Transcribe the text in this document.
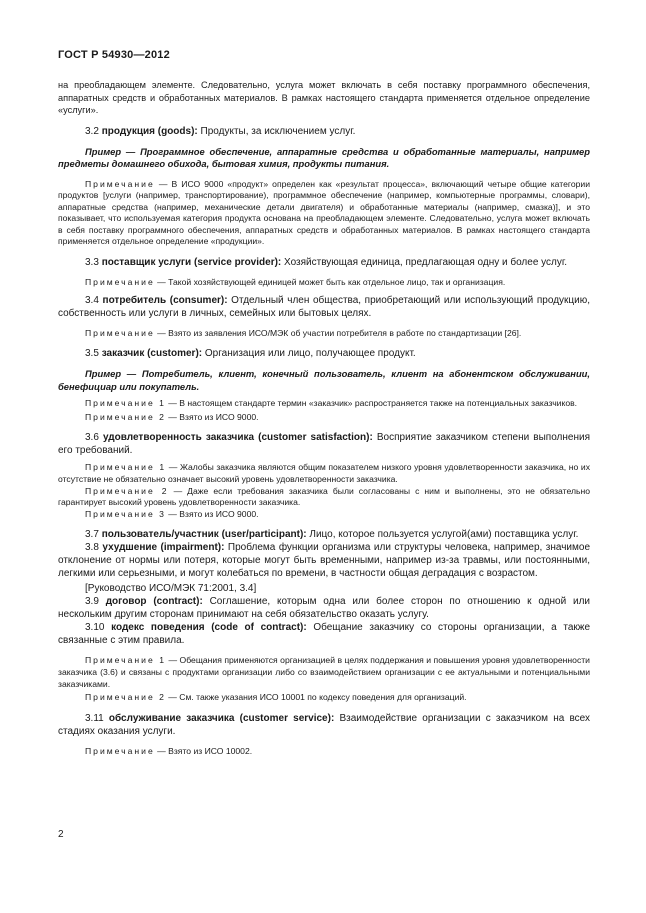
ГОСТ Р 54930—2012

на преобладающем элементе. Следовательно, услуга может включать в себя поставку программного обеспечения, аппаратных средств и обработанных материалов. В рамках настоящего стандарта применяется отдельное определение «услуги».

3.2 продукция (goods): Продукты, за исключением услуг.

Пример — Программное обеспечение, аппаратные средства и обработанные материалы, например предметы домашнего обихода, бытовая химия, продукты питания.

Примечание — В ИСО 9000 «продукт» определен как «результат процесса», включающий четыре общие категории продуктов [услуги (например, транспортирование), программное обеспечение (например, компьютерные программы, словари), аппаратные средства (например, механические детали двигателя) и обработанные материалы (например, смазка)], и это показывает, что используемая категория продукта основана на преобладающем элементе. Следовательно, услуга может включать в себя поставку программного обеспечения, аппаратных средств и обработанных материалов. В рамках настоящего стандарта применяется отдельное определение «продукции».

3.3 поставщик услуги (service provider): Хозяйствующая единица, предлагающая одну и более услуг.

Примечание — Такой хозяйствующей единицей может быть как отдельное лицо, так и организация.

3.4 потребитель (consumer): Отдельный член общества, приобретающий или использующий продукцию, собственность или услуги в личных, семейных или бытовых целях.

Примечание — Взято из заявления ИСО/МЭК об участии потребителя в работе по стандартизации [26].

3.5 заказчик (customer): Организация или лицо, получающее продукт.

Пример — Потребитель, клиент, конечный пользователь, клиент на абонентском обслуживании, бенефициар или покупатель.

Примечание 1 — В настоящем стандарте термин «заказчик» распространяется также на потенциальных заказчиков.

Примечание 2 — Взято из ИСО 9000.

3.6 удовлетворенность заказчика (customer satisfaction): Восприятие заказчиком степени выполнения его требований.

Примечание 1 — Жалобы заказчика являются общим показателем низкого уровня удовлетворенности заказчика, но их отсутствие не обязательно означает высокий уровень удовлетворенности заказчика.

Примечание 2 — Даже если требования заказчика были согласованы с ним и выполнены, это не обязательно гарантирует высокий уровень удовлетворенности заказчика.

Примечание 3 — Взято из ИСО 9000.

3.7 пользователь/участник (user/participant): Лицо, которое пользуется услугой(ами) поставщика услуг.

3.8 ухудшение (impairment): Проблема функции организма или структуры человека, например, значимое отклонение от нормы или потеря, которые могут быть временными, например из-за травмы, или постоянными, легкими или серьезными, и могут колебаться по времени, в частности общая деградация с возрастом.

[Руководство ИСО/МЭК 71:2001, 3.4]

3.9 договор (contract): Соглашение, которым одна или более сторон по отношению к одной или нескольким другим сторонам принимают на себя обязательство оказать услугу.

3.10 кодекс поведения (code of contract): Обещание заказчику со стороны организации, а также связанные с этим правила.

Примечание 1 — Обещания применяются организацией в целях поддержания и повышения уровня удовлетворенности заказчика (3.6) и связаны с продуктами организации либо со взаимодействием организации с ее актуальными и потенциальными заказчиками.

Примечание 2 — См. также указания ИСО 10001 по кодексу поведения для организаций.

3.11 обслуживание заказчика (customer service): Взаимодействие организации с заказчиком на всех стадиях оказания услуги.

Примечание — Взято из ИСО 10002.

2
